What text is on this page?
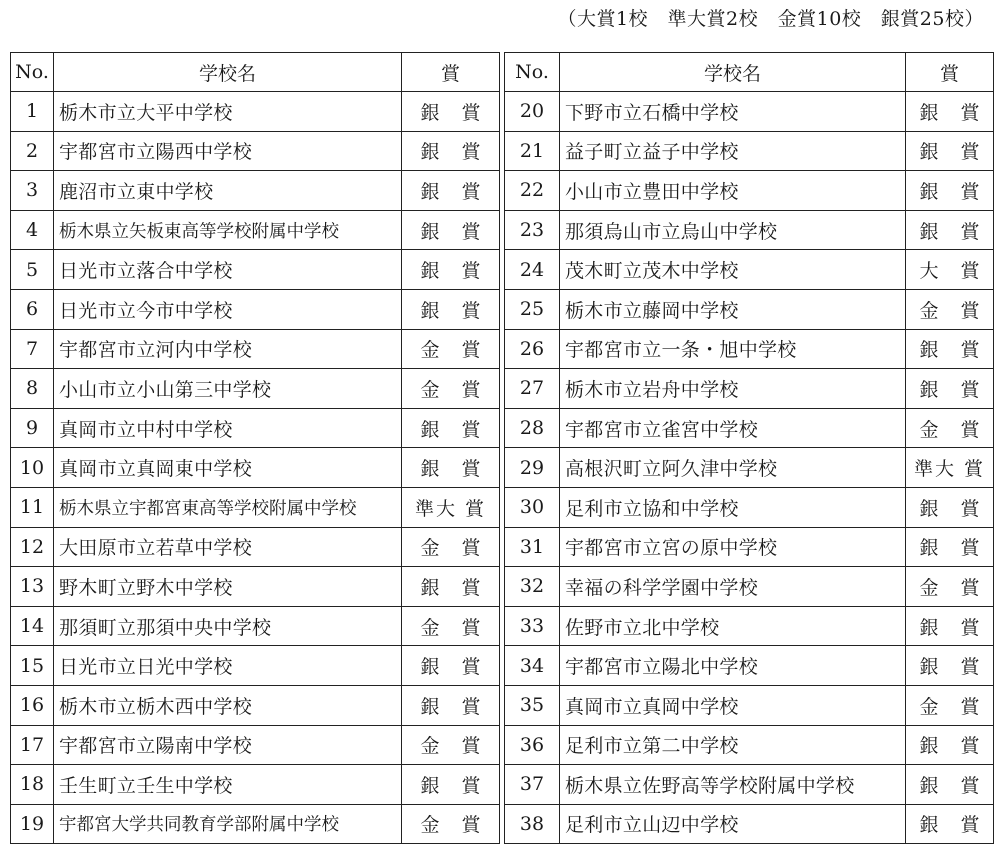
（大賞1校　準大賞2校　金賞10校　銀賞25校）
No.	学校名	賞
1	栃木市立大平中学校	銀 賞
2	宇都宮市立陽西中学校	銀 賞
3	鹿沼市立東中学校	銀 賞
4	栃木県立矢板東高等学校附属中学校	銀 賞
5	日光市立落合中学校	銀 賞
6	日光市立今市中学校	銀 賞
7	宇都宮市立河内中学校	金 賞
8	小山市立小山第三中学校	金 賞
9	真岡市立中村中学校	銀 賞
10	真岡市立真岡東中学校	銀 賞
11	栃木県立宇都宮東高等学校附属中学校	準大 賞
12	大田原市立若草中学校	金 賞
13	野木町立野木中学校	銀 賞
14	那須町立那須中央中学校	金 賞
15	日光市立日光中学校	銀 賞
16	栃木市立栃木西中学校	銀 賞
17	宇都宮市立陽南中学校	金 賞
18	壬生町立壬生中学校	銀 賞
19	宇都宮大学共同教育学部附属中学校	金 賞
No.	学校名	賞
20	下野市立石橋中学校	銀 賞
21	益子町立益子中学校	銀 賞
22	小山市立豊田中学校	銀 賞
23	那須烏山市立烏山中学校	銀 賞
24	茂木町立茂木中学校	大 賞
25	栃木市立藤岡中学校	金 賞
26	宇都宮市立一条・旭中学校	銀 賞
27	栃木市立岩舟中学校	銀 賞
28	宇都宮市立雀宮中学校	金 賞
29	高根沢町立阿久津中学校	準大 賞
30	足利市立協和中学校	銀 賞
31	宇都宮市立宮の原中学校	銀 賞
32	幸福の科学学園中学校	金 賞
33	佐野市立北中学校	銀 賞
34	宇都宮市立陽北中学校	銀 賞
35	真岡市立真岡中学校	金 賞
36	足利市立第二中学校	銀 賞
37	栃木県立佐野高等学校附属中学校	銀 賞
38	足利市立山辺中学校	銀 賞
